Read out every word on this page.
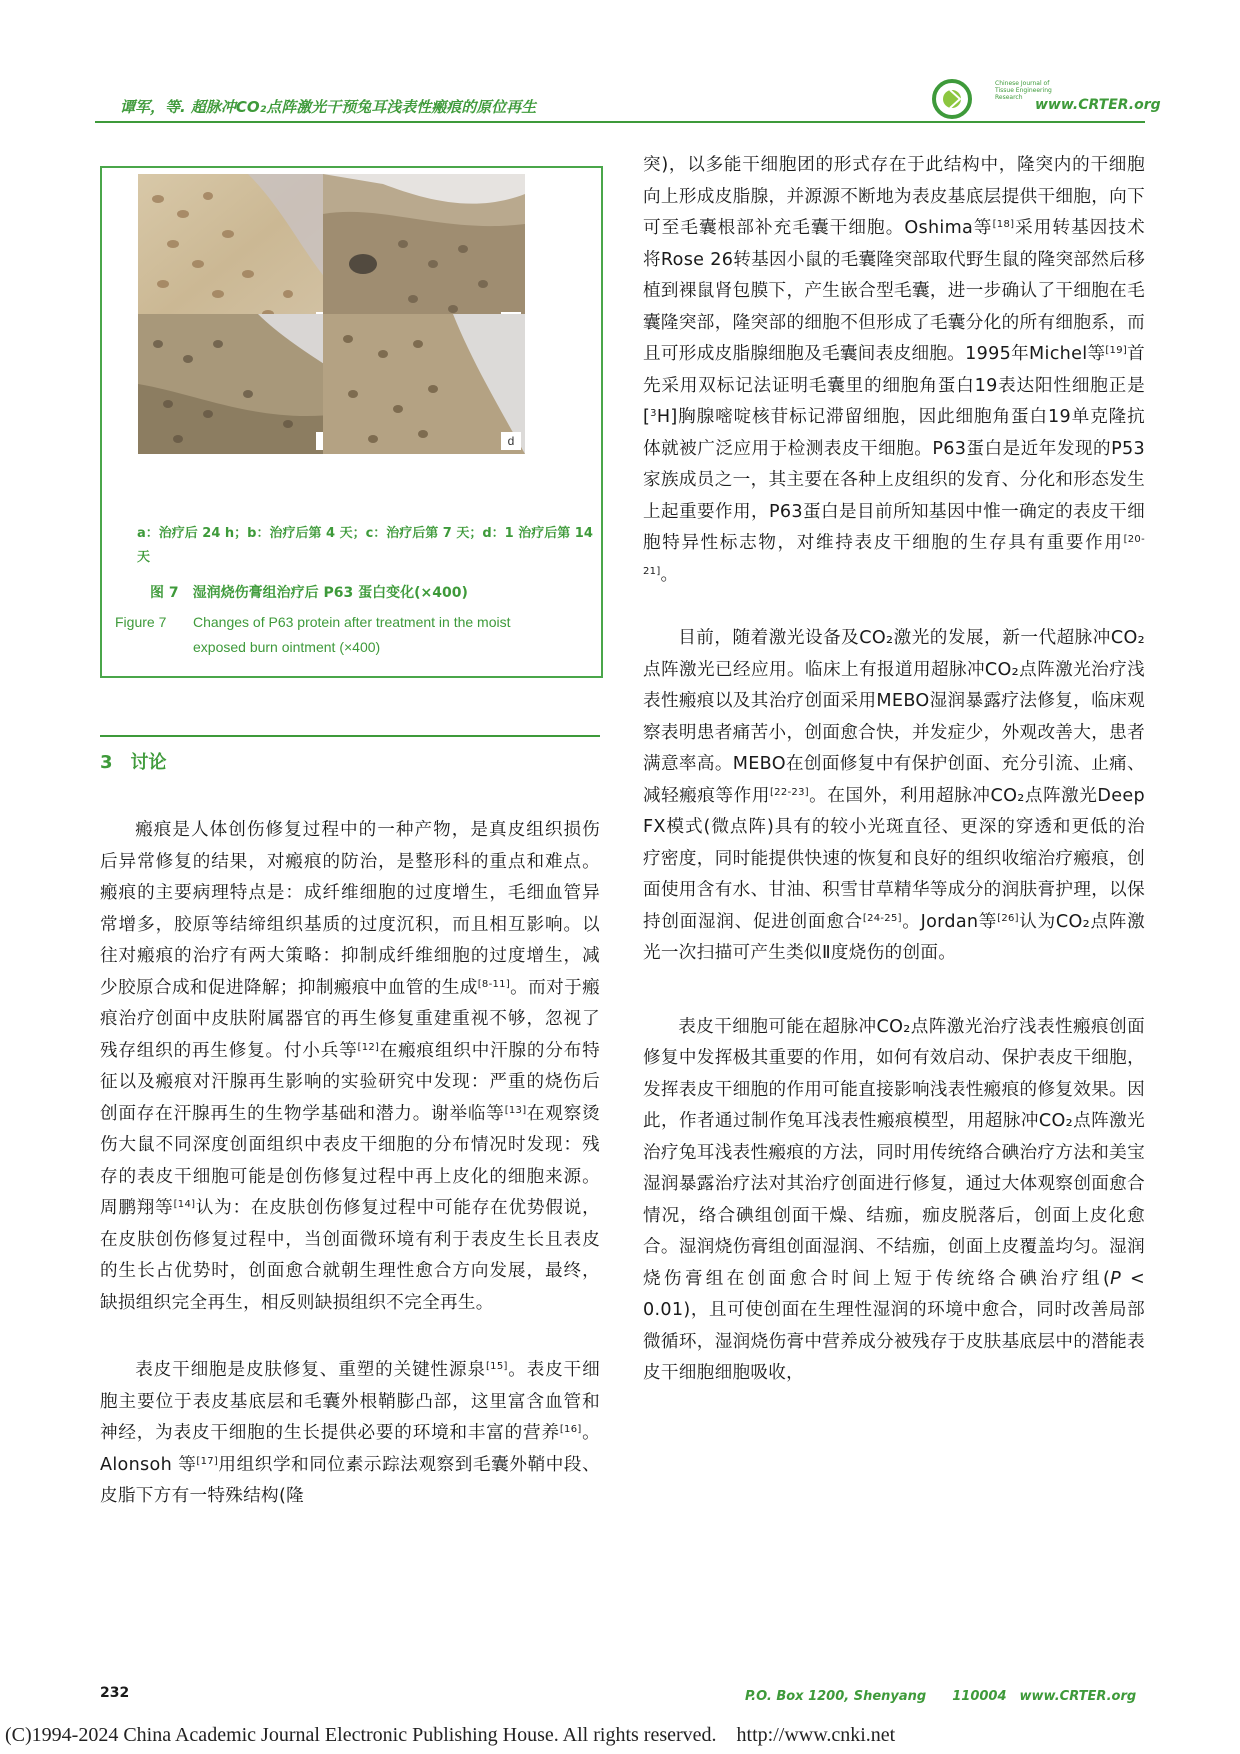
谭军，等. 超脉冲CO₂点阵激光干预兔耳浅表性瘢痕的原位再生
Chinese Journal of Tissue Engineering Research www.CRTER.org
d
a：治疗后 24 h；b：治疗后第 4 天；c：治疗后第 7 天；d：1 治疗后第 14 天
图 7　湿润烧伤膏组治疗后 P63 蛋白变化(×400)
Figure 7 Changes of P63 protein after treatment in the moist
exposed burn ointment (×400)
3　讨论

瘢痕是人体创伤修复过程中的一种产物，是真皮组织损伤后异常修复的结果，对瘢痕的防治，是整形科的重点和难点。瘢痕的主要病理特点是：成纤维细胞的过度增生，毛细血管异常增多，胶原等结缔组织基质的过度沉积，而且相互影响。以往对瘢痕的治疗有两大策略：抑制成纤维细胞的过度增生，减少胶原合成和促进降解；抑制瘢痕中血管的生成[8-11]。而对于瘢痕治疗创面中皮肤附属器官的再生修复重建重视不够，忽视了残存组织的再生修复。付小兵等[12]在瘢痕组织中汗腺的分布特征以及瘢痕对汗腺再生影响的实验研究中发现：严重的烧伤后创面存在汗腺再生的生物学基础和潜力。谢举临等[13]在观察烫伤大鼠不同深度创面组织中表皮干细胞的分布情况时发现：残存的表皮干细胞可能是创伤修复过程中再上皮化的细胞来源。周鹏翔等[14]认为：在皮肤创伤修复过程中可能存在优势假说，在皮肤创伤修复过程中，当创面微环境有利于表皮生长且表皮的生长占优势时，创面愈合就朝生理性愈合方向发展，最终，缺损组织完全再生，相反则缺损组织不完全再生。

表皮干细胞是皮肤修复、重塑的关键性源泉[15]。表皮干细胞主要位于表皮基底层和毛囊外根鞘膨凸部，这里富含血管和神经，为表皮干细胞的生长提供必要的环境和丰富的营养[16]。Alonsoh 等[17]用组织学和同位素示踪法观察到毛囊外鞘中段、皮脂下方有一特殊结构(隆

突)，以多能干细胞团的形式存在于此结构中，隆突内的干细胞向上形成皮脂腺，并源源不断地为表皮基底层提供干细胞，向下可至毛囊根部补充毛囊干细胞。Oshima等[18]采用转基因技术将Rose 26转基因小鼠的毛囊隆突部取代野生鼠的隆突部然后移植到裸鼠肾包膜下，产生嵌合型毛囊，进一步确认了干细胞在毛囊隆突部，隆突部的细胞不但形成了毛囊分化的所有细胞系，而且可形成皮脂腺细胞及毛囊间表皮细胞。1995年Michel等[19]首先采用双标记法证明毛囊里的细胞角蛋白19表达阳性细胞正是[$^3$H]胸腺嘧啶核苷标记滞留细胞，因此细胞角蛋白19单克隆抗体就被广泛应用于检测表皮干细胞。P63蛋白是近年发现的P53家族成员之一，其主要在各种上皮组织的发育、分化和形态发生上起重要作用，P63蛋白是目前所知基因中惟一确定的表皮干细胞特异性标志物，对维持表皮干细胞的生存具有重要作用[20-21]。

目前，随着激光设备及CO₂激光的发展，新一代超脉冲CO₂点阵激光已经应用。临床上有报道用超脉冲CO₂点阵激光治疗浅表性瘢痕以及其治疗创面采用MEBO湿润暴露疗法修复，临床观察表明患者痛苦小，创面愈合快，并发症少，外观改善大，患者满意率高。MEBO在创面修复中有保护创面、充分引流、止痛、减轻瘢痕等作用[22-23]。在国外，利用超脉冲CO₂点阵激光Deep FX模式(微点阵)具有的较小光斑直径、更深的穿透和更低的治疗密度，同时能提供快速的恢复和良好的组织收缩治疗瘢痕，创面使用含有水、甘油、积雪甘草精华等成分的润肤膏护理，以保持创面湿润、促进创面愈合[24-25]。Jordan等[26]认为CO₂点阵激光一次扫描可产生类似Ⅱ度烧伤的创面。

表皮干细胞可能在超脉冲CO₂点阵激光治疗浅表性瘢痕创面修复中发挥极其重要的作用，如何有效启动、保护表皮干细胞，发挥表皮干细胞的作用可能直接影响浅表性瘢痕的修复效果。因此，作者通过制作兔耳浅表性瘢痕模型，用超脉冲CO₂点阵激光治疗兔耳浅表性瘢痕的方法，同时用传统络合碘治疗方法和美宝湿润暴露治疗法对其治疗创面进行修复，通过大体观察创面愈合情况，络合碘组创面干燥、结痂，痂皮脱落后，创面上皮化愈合。湿润烧伤膏组创面湿润、不结痂，创面上皮覆盖均匀。湿润烧伤膏组在创面愈合时间上短于传统络合碘治疗组(P < 0.01)，且可使创面在生理性湿润的环境中愈合，同时改善局部微循环，湿润烧伤膏中营养成分被残存于皮肤基底层中的潜能表皮干细胞细胞吸收，

232	P.O. Box 1200, Shenyang　　110004　www.CRTER.org
(C)1994-2024 China Academic Journal Electronic Publishing House. All rights reserved.　http://www.cnki.net
